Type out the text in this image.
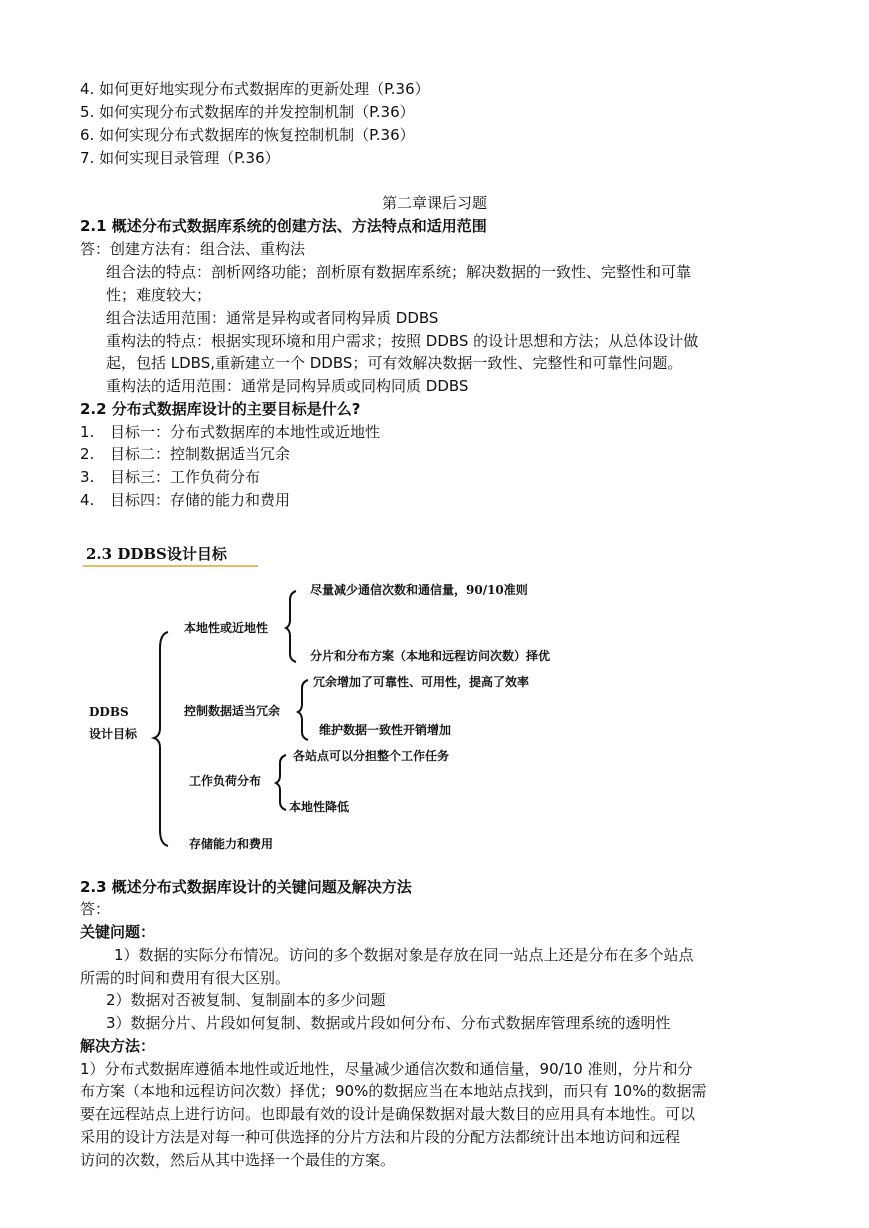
4. 如何更好地实现分布式数据库的更新处理（P.36）
5. 如何实现分布式数据库的并发控制机制（P.36）
6. 如何实现分布式数据库的恢复控制机制（P.36）
7. 如何实现目录管理（P.36）
第二章课后习题
2.1 概述分布式数据库系统的创建方法、方法特点和适用范围
答：创建方法有：组合法、重构法
组合法的特点：剖析网络功能；剖析原有数据库系统；解决数据的一致性、完整性和可靠
性；难度较大；
组合法适用范围：通常是异构或者同构异质 DDBS
重构法的特点：根据实现环境和用户需求；按照 DDBS 的设计思想和方法；从总体设计做
起，包括 LDBS,重新建立一个 DDBS；可有效解决数据一致性、完整性和可靠性问题。
重构法的适用范围：通常是同构异质或同构同质 DDBS
2.2 分布式数据库设计的主要目标是什么?
1. 目标一：分布式数据库的本地性或近地性
2. 目标二：控制数据适当冗余
3. 目标三：工作负荷分布
4. 目标四：存储的能力和费用
2.3 DDBS设计目标
DDBS
设计目标
本地性或近地性
尽量减少通信次数和通信量，90/10准则
分片和分布方案（本地和远程访问次数）择优
控制数据适当冗余
冗余增加了可靠性、可用性，提高了效率
维护数据一致性开销增加
工作负荷分布
各站点可以分担整个工作任务
本地性降低
存储能力和费用
2.3 概述分布式数据库设计的关键问题及解决方法
答：
关键问题：
1）数据的实际分布情况。访问的多个数据对象是存放在同一站点上还是分布在多个站点
所需的时间和费用有很大区别。
2）数据对否被复制、复制副本的多少问题
3）数据分片、片段如何复制、数据或片段如何分布、分布式数据库管理系统的透明性
解决方法：
1）分布式数据库遵循本地性或近地性，尽量减少通信次数和通信量，90/10 准则，分片和分
布方案（本地和远程访问次数）择优；90%的数据应当在本地站点找到，而只有 10%的数据需
要在远程站点上进行访问。也即最有效的设计是确保数据对最大数目的应用具有本地性。可以
采用的设计方法是对每一种可供选择的分片方法和片段的分配方法都统计出本地访问和远程
访问的次数，然后从其中选择一个最佳的方案。
